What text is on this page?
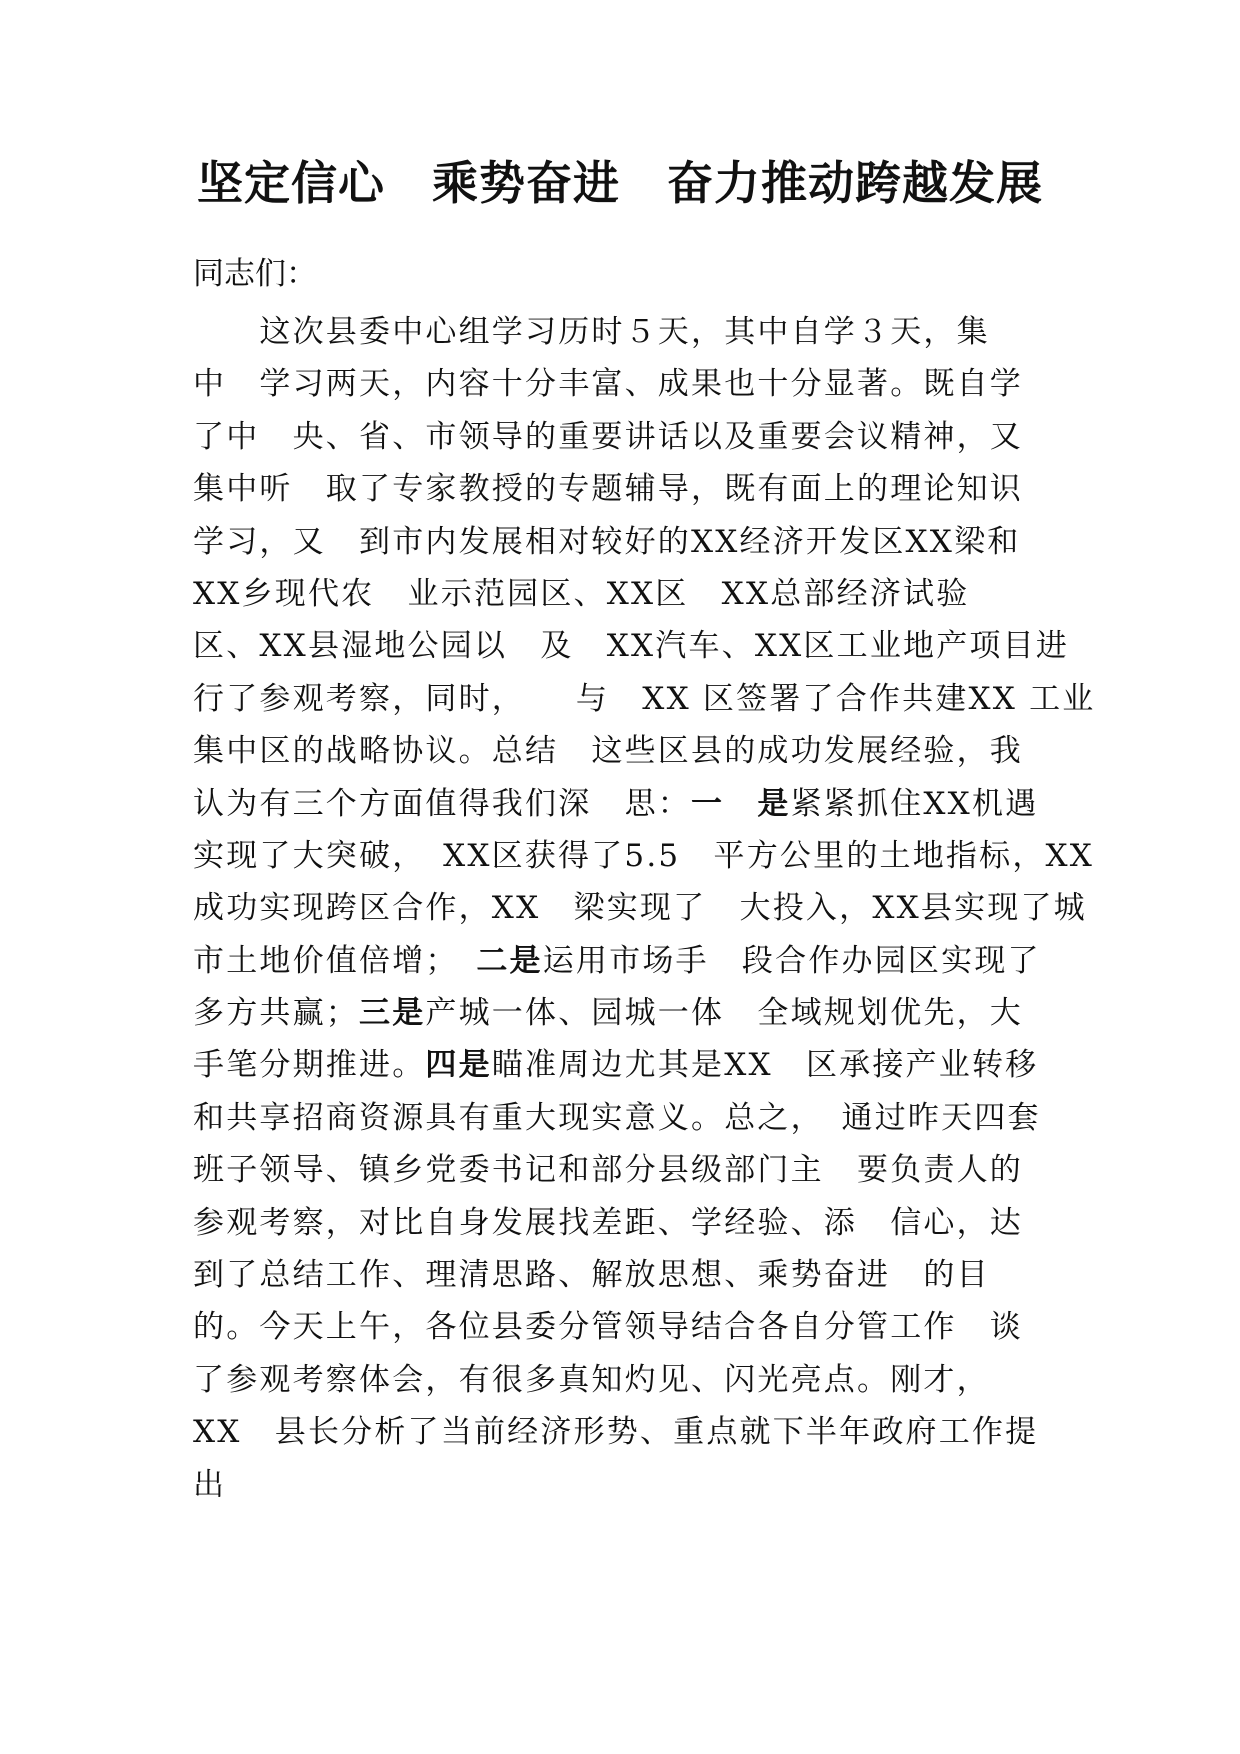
坚定信心　乘势奋进　奋力推动跨越发展

同志们：

　　这次县委中心组学习历时５天，其中自学３天，集
中　学习两天，内容十分丰富、成果也十分显著。既自学
了中　央、省、市领导的重要讲话以及重要会议精神，又
集中听　取了专家教授的专题辅导，既有面上的理论知识
学习，又　到市内发展相对较好的XX经济开发区XX梁和
XX乡现代农　业示范园区、XX区　XX总部经济试验
区、XX县湿地公园以　及　XX汽车、XX区工业地产项目进
行了参观考察，同时，　　与　XX 区签署了合作共建XX 工业
集中区的战略协议。总结　这些区县的成功发展经验，我
认为有三个方面值得我们深　思：一　是紧紧抓住XX机遇
实现了大突破，　XX区获得了5.5　平方公里的土地指标，XX
成功实现跨区合作，XX　梁实现了　大投入，XX县实现了城
市土地价值倍增；　二是运用市场手　段合作办园区实现了
多方共赢；三是产城一体、园城一体　全域规划优先，大
手笔分期推进。四是瞄准周边尤其是XX　区承接产业转移
和共享招商资源具有重大现实意义。总之，　通过昨天四套
班子领导、镇乡党委书记和部分县级部门主　要负责人的
参观考察，对比自身发展找差距、学经验、添　信心，达
到了总结工作、理清思路、解放思想、乘势奋进　的目
的。今天上午，各位县委分管领导结合各自分管工作　谈
了参观考察体会，有很多真知灼见、闪光亮点。刚才，
XX　县长分析了当前经济形势、重点就下半年政府工作提
出
